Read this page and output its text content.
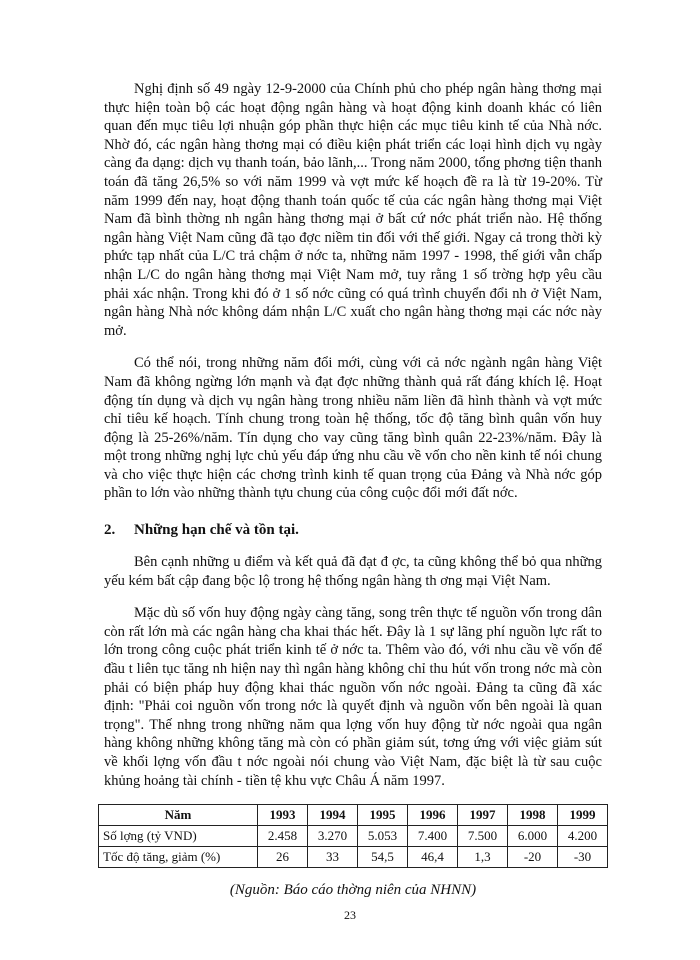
Nghị định số 49 ngày 12-9-2000 của Chính phủ cho phép ngân hàng thơng mại thực hiện toàn bộ các hoạt động ngân hàng và hoạt động kinh doanh khác có liên quan đến mục tiêu lợi nhuận góp phần thực hiện các mục tiêu kinh tế của Nhà nớc. Nhờ đó, các ngân hàng thơng mại có điều kiện phát triển các loại hình dịch vụ ngày càng đa dạng: dịch vụ thanh toán, bảo lãnh,... Trong năm 2000, tổng phơng tiện thanh toán đã tăng 26,5% so với năm 1999 và vợt mức kế hoạch đề ra là từ 19-20%. Từ năm 1999 đến nay, hoạt động thanh toán quốc tế của các ngân hàng thơng mại Việt Nam đã bình thờng nh ngân hàng thơng mại ở bất cứ nớc phát triển nào. Hệ thống ngân hàng Việt Nam cũng đã tạo đợc niềm tin đối với thế giới. Ngay cả trong thời kỳ phức tạp nhất của L/C trả chậm ở nớc ta, những năm 1997 - 1998, thế giới vẫn chấp nhận L/C do ngân hàng thơng mại Việt Nam mở, tuy rằng 1 số trờng hợp yêu cầu phải xác nhận. Trong khi đó ở 1 số nớc cũng có quá trình chuyển đổi nh ở Việt Nam, ngân hàng Nhà nớc không dám nhận L/C xuất cho ngân hàng thơng mại các nớc này mở.

Có thể nói, trong những năm đổi mới, cùng với cả nớc ngành ngân hàng Việt Nam đã không ngừng lớn mạnh và đạt đợc những thành quả rất đáng khích lệ. Hoạt động tín dụng và dịch vụ ngân hàng trong nhiều năm liền đã hình thành và vợt mức chỉ tiêu kế hoạch. Tính chung trong toàn hệ thống, tốc độ tăng bình quân vốn huy động là 25-26%/năm. Tín dụng cho vay cũng tăng bình quân 22-23%/năm. Đây là một trong những nghị lực chủ yếu đáp ứng nhu cầu về vốn cho nền kinh tế nói chung và cho việc thực hiện các chơng trình kinh tế quan trọng của Đảng và Nhà nớc góp phần to lớn vào những thành tựu chung của công cuộc đổi mới đất nớc.

2. Những hạn chế và tồn tại.

Bên cạnh những u điểm và kết quả đã đạt đ ợc, ta cũng không thể bỏ qua những yếu kém bất cập đang bộc lộ trong hệ thống ngân hàng th ơng mại Việt Nam.

Mặc dù số vốn huy động ngày càng tăng, song trên thực tế nguồn vốn trong dân còn rất lớn mà các ngân hàng cha khai thác hết. Đây là 1 sự lãng phí nguồn lực rất to lớn trong công cuộc phát triển kinh tế ở nớc ta. Thêm vào đó, với nhu cầu về vốn để đầu t liên tục tăng nh hiện nay thì ngân hàng không chỉ thu hút vốn trong nớc mà còn phải có biện pháp huy động khai thác nguồn vốn nớc ngoài. Đảng ta cũng đã xác định: "Phải coi nguồn vốn trong nớc là quyết định và nguồn vốn bên ngoài là quan trọng". Thế nhng trong những năm qua lợng vốn huy động từ nớc ngoài qua ngân hàng không những không tăng mà còn có phần giảm sút, tơng ứng với việc giảm sút về khối lợng vốn đầu t nớc ngoài nói chung vào Việt Nam, đặc biệt là từ sau cuộc khủng hoảng tài chính - tiền tệ khu vực Châu Á năm 1997.

Năm	1993	1994	1995	1996	1997	1998	1999
Số lợng (tỷ VND)	2.458	3.270	5.053	7.400	7.500	6.000	4.200
Tốc độ tăng, giảm (%)	26	33	54,5	46,4	1,3	-20	-30
(Nguồn: Báo cáo thờng niên của NHNN)
23
